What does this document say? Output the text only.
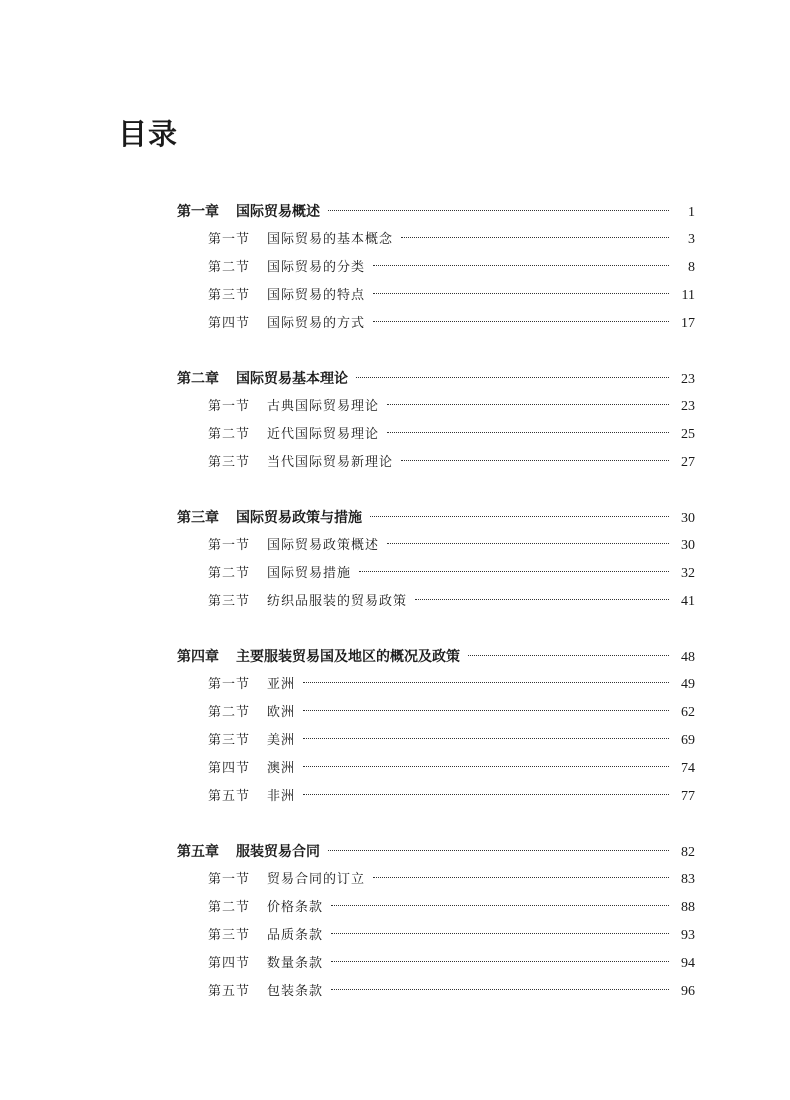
目录
第一章	国际贸易概述	1
第一节	国际贸易的基本概念	3
第二节	国际贸易的分类	8
第三节	国际贸易的特点	11
第四节	国际贸易的方式	17
第二章	国际贸易基本理论	23
第一节	古典国际贸易理论	23
第二节	近代国际贸易理论	25
第三节	当代国际贸易新理论	27
第三章	国际贸易政策与措施	30
第一节	国际贸易政策概述	30
第二节	国际贸易措施	32
第三节	纺织品服装的贸易政策	41
第四章	主要服装贸易国及地区的概况及政策	48
第一节	亚洲	49
第二节	欧洲	62
第三节	美洲	69
第四节	澳洲	74
第五节	非洲	77
第五章	服装贸易合同	82
第一节	贸易合同的订立	83
第二节	价格条款	88
第三节	品质条款	93
第四节	数量条款	94
第五节	包装条款	96
